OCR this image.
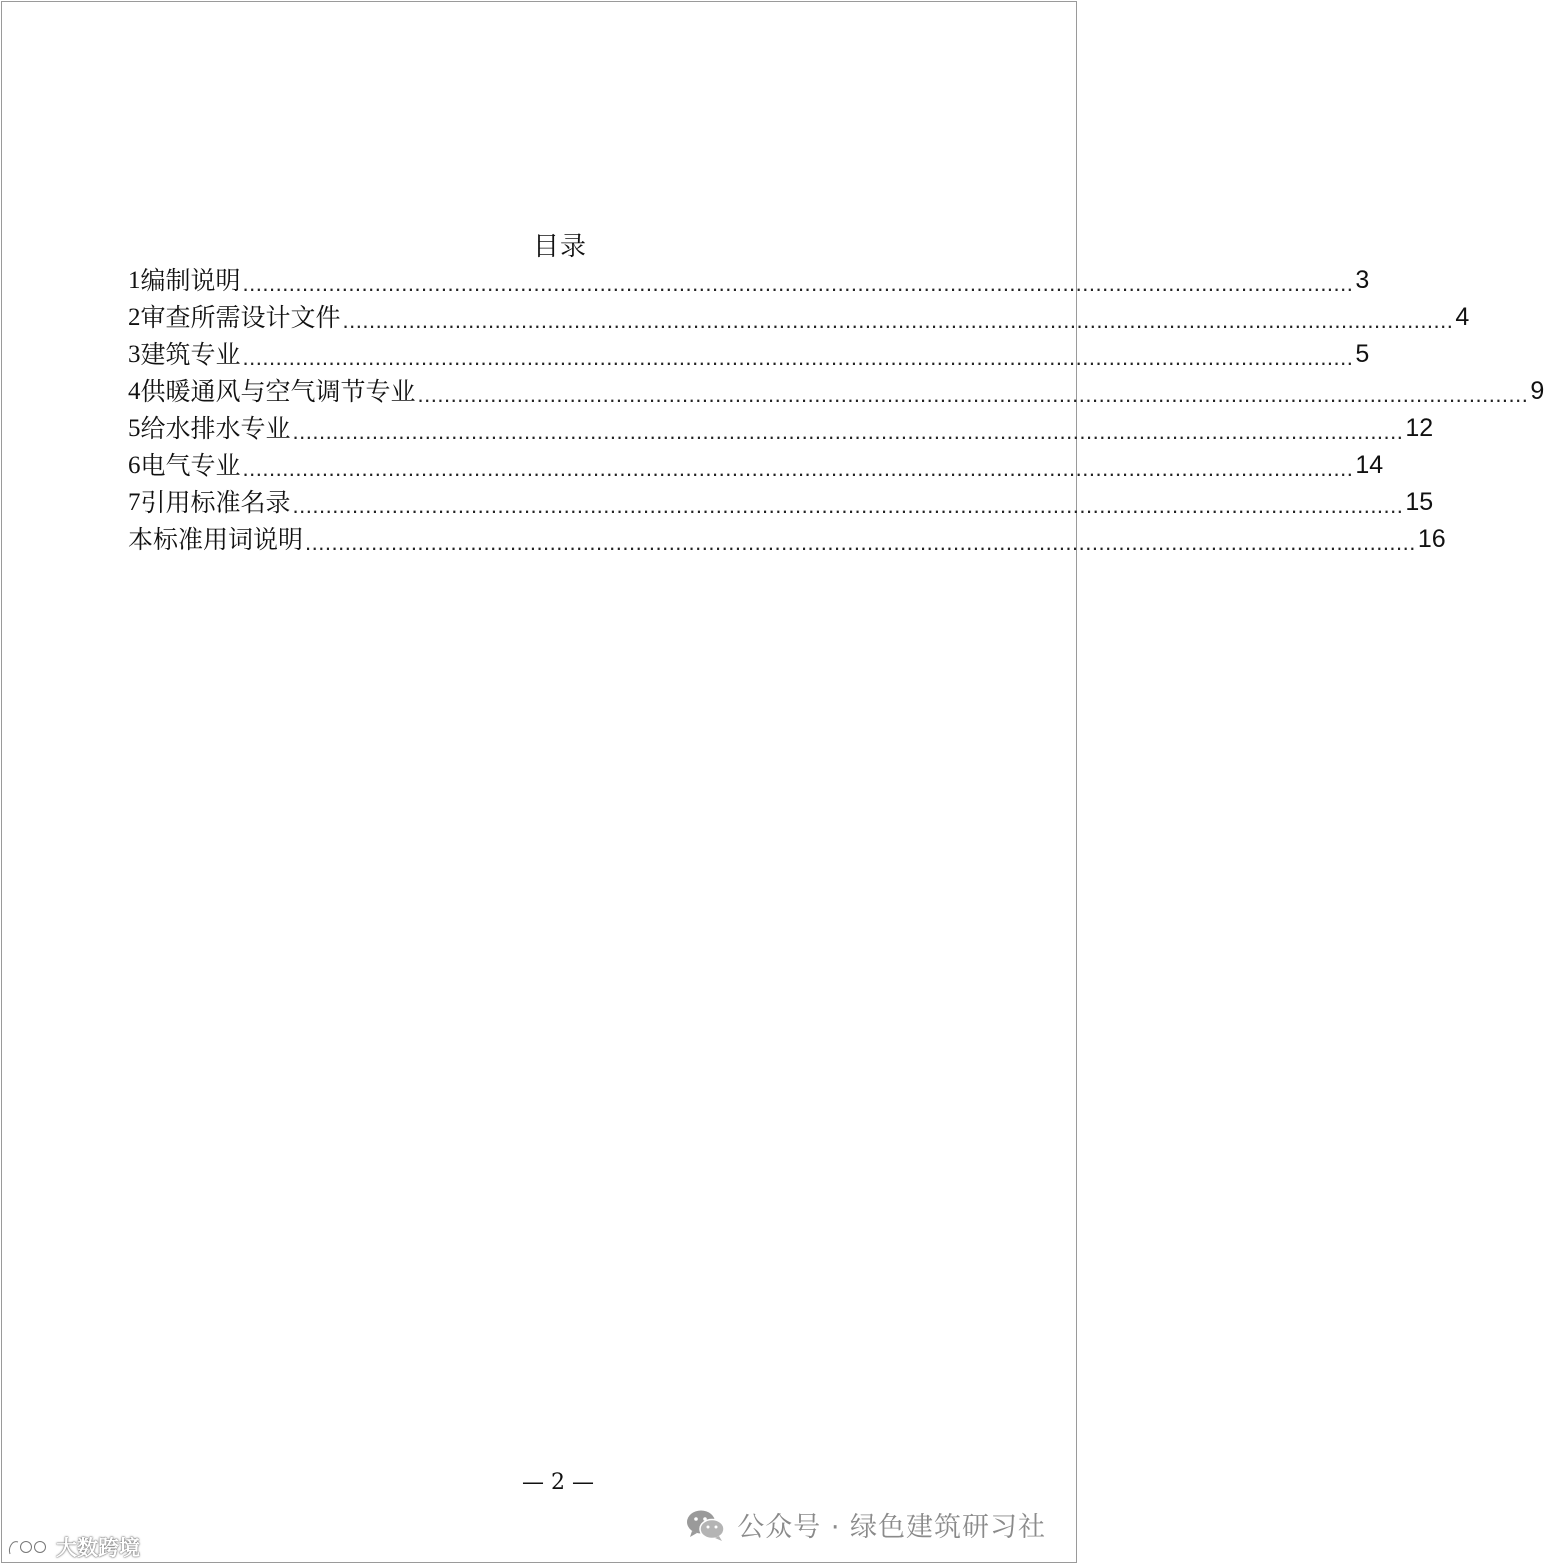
目录
1 编制说明 ........................................................................................................................................................................ 3
2 审查所需设计文件 ........................................................................................................................................................................ 4
3 建筑专业 ........................................................................................................................................................................ 5
4 供暖通风与空气调节专业 ........................................................................................................................................................................ 9
5 给水排水专业 ........................................................................................................................................................................ 12
6 电气专业 ........................................................................................................................................................................ 14
7 引用标准名录 ........................................................................................................................................................................ 15
本标准用词说明 ........................................................................................................................................................................ 16
— 2 —
公众号 · 绿色建筑研习社
大数跨境
